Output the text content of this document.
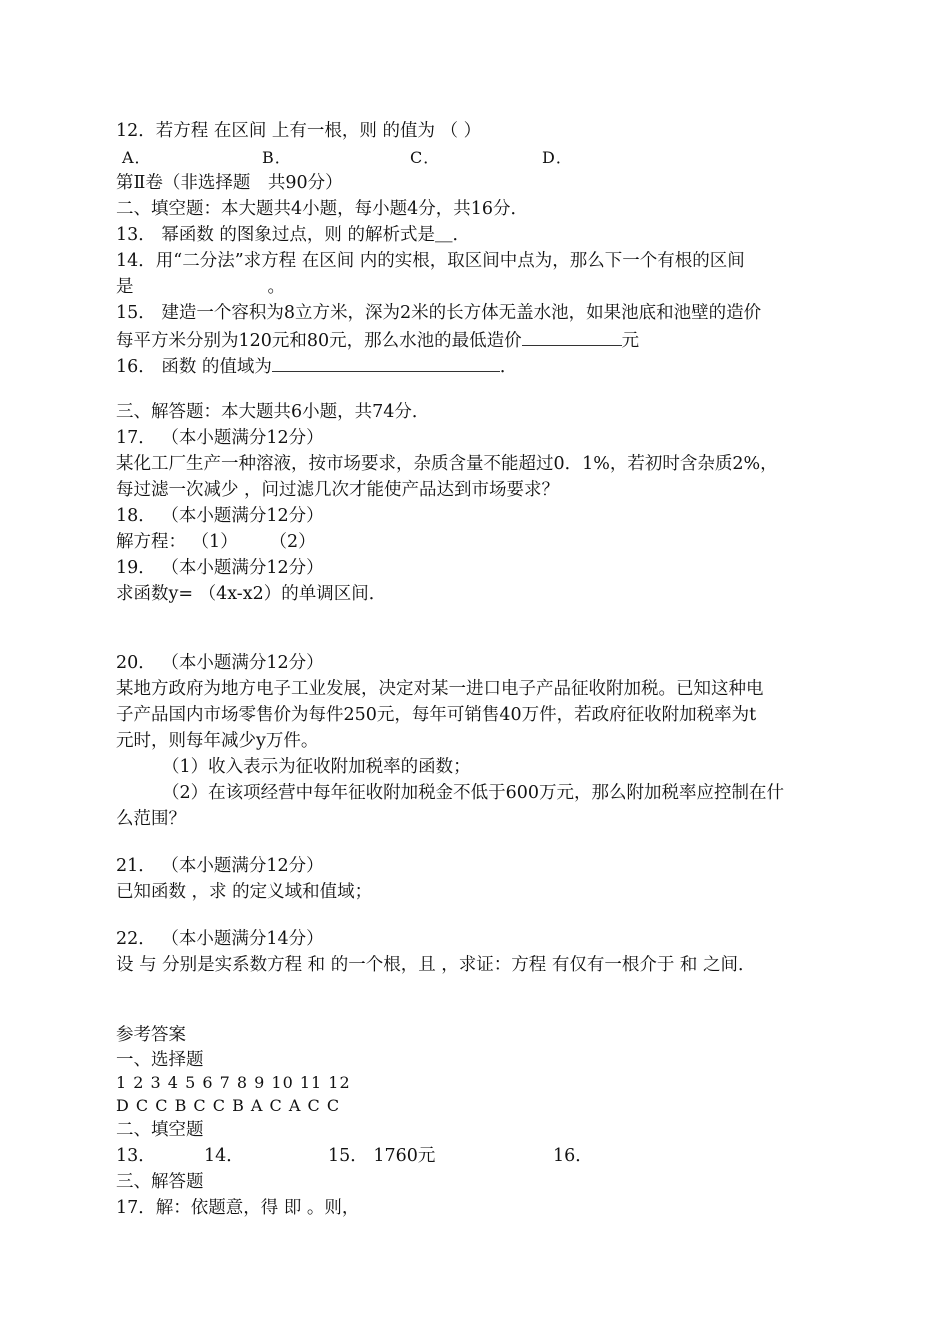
12．若方程 在区间 上有一根，则 的值为 （ ）
A．	B．	C．	D．
第Ⅱ卷（非选择题　共90分）
二、填空题：本大题共4小题，每小题4分，共16分．
13． 幂函数 的图象过点，则 的解析式是＿．
14．用“二分法”求方程 在区间 内的实根，取区间中点为，那么下一个有根的区间
是	。
15． 建造一个容积为8立方米，深为2米的长方体无盖水池，如果池底和池壁的造价
每平方米分别为120元和80元，那么水池的最低造价	元
16． 函数 的值域为	．
三、解答题：本大题共6小题，共74分．
17． （本小题满分12分）
某化工厂生产一种溶液，按市场要求，杂质含量不能超过0．1%，若初时含杂质2%，
每过滤一次减少 ，问过滤几次才能使产品达到市场要求？
18． （本小题满分12分）
解方程： （1）　　 （2）
19． （本小题满分12分）
求函数y= （4x-x2）的单调区间．
20． （本小题满分12分）
某地方政府为地方电子工业发展，决定对某一进口电子产品征收附加税。已知这种电
子产品国内市场零售价为每件250元，每年可销售40万件，若政府征收附加税率为t
元时，则每年减少y万件。
（1）收入表示为征收附加税率的函数；
（2）在该项经营中每年征收附加税金不低于600万元，那么附加税率应控制在什
么范围？
21． （本小题满分12分）
已知函数 ，求 的定义域和值域；
22． （本小题满分14分）
设 与 分别是实系数方程 和 的一个根，且 ，求证：方程 有仅有一根介于 和 之间．
参考答案
一、选择题
1 2 3 4 5 6 7 8 9 10 11 12
D C C B C C B A C A C C
二、填空题
13．	14．	15． 1760元	16．
三、解答题
17．解：依题意，得 即 。则，
